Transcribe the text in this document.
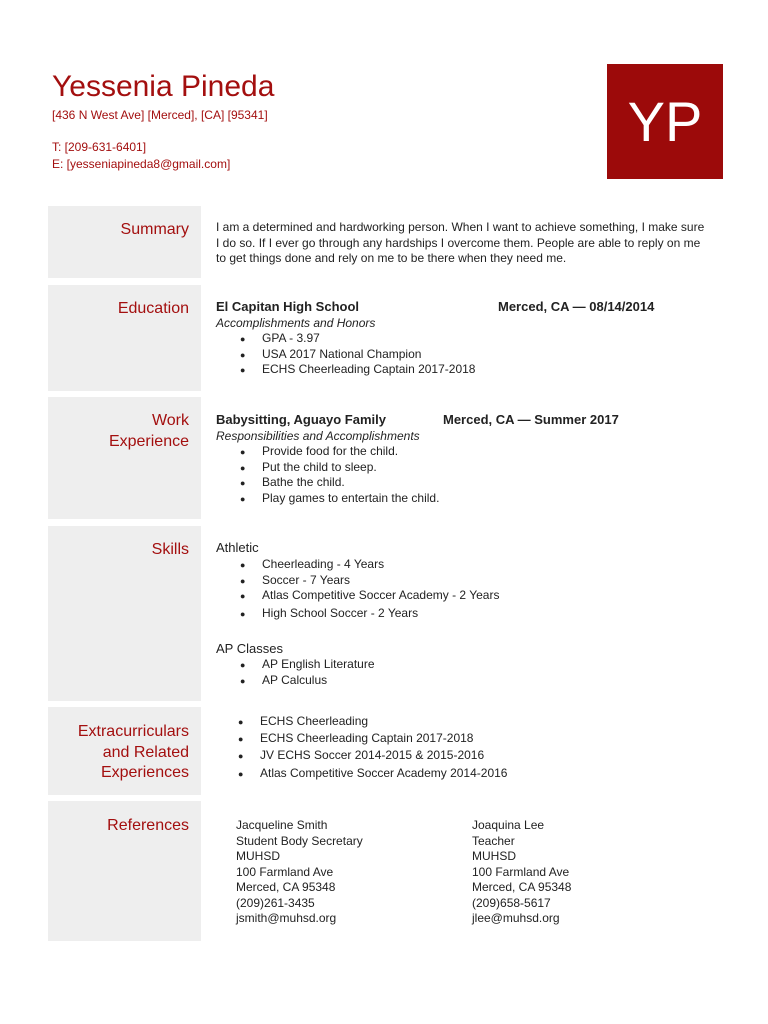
Yessenia Pineda
[436 N West Ave] [Merced], [CA] [95341]
T: [209-631-6401]
E: [yesseniapineda8@gmail.com]
YP
Summary
Education
Work
Experience
Skills
Extracurriculars
and Related
Experiences
References
I am a determined and hardworking person. When I want to achieve something, I make sure I do so. If I ever go through any hardships I overcome them. People are able to reply on me to get things done and rely on me to be there when they need me.
El Capitan High School	Merced, CA — 08/14/2014
Accomplishments and Honors
● GPA - 3.97
● USA 2017 National Champion
● ECHS Cheerleading Captain 2017-2018
Babysitting, Aguayo Family	Merced, CA — Summer 2017
Responsibilities and Accomplishments
● Provide food for the child.
● Put the child to sleep.
● Bathe the child.
● Play games to entertain the child.
Athletic
● Cheerleading - 4 Years
● Soccer - 7 Years
● Atlas Competitive Soccer Academy - 2 Years
● High School Soccer - 2 Years
AP Classes
● AP English Literature
● AP Calculus
● ECHS Cheerleading
● ECHS Cheerleading Captain 2017-2018
● JV ECHS Soccer 2014-2015 & 2015-2016
● Atlas Competitive Soccer Academy 2014-2016
Jacqueline Smith
Student Body Secretary
MUHSD
100 Farmland Ave
Merced, CA 95348
(209)261-3435
jsmith@muhsd.org
Joaquina Lee
Teacher
MUHSD
100 Farmland Ave
Merced, CA 95348
(209)658-5617
jlee@muhsd.org
